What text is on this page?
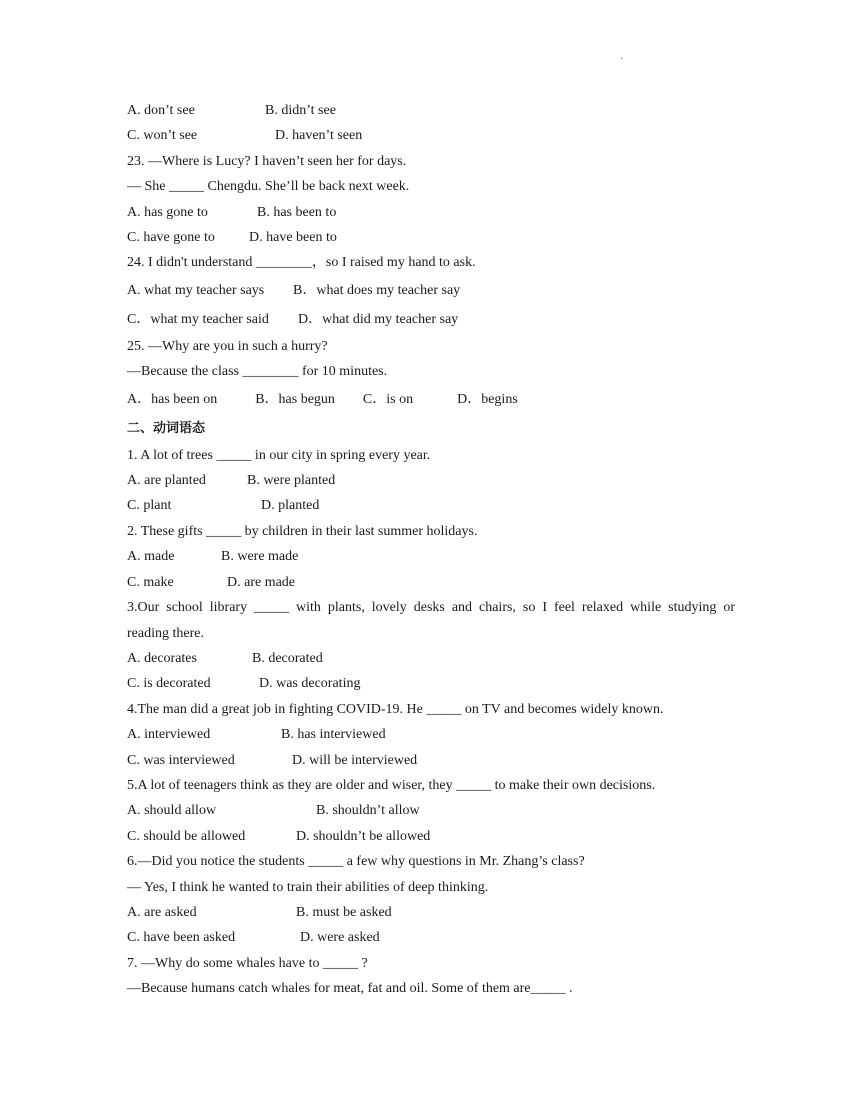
·
A. don’t see	B. didn’t see
C. won’t see	D. haven’t seen
23. —Where is Lucy? I haven’t seen her for days.
— She _____ Chengdu. She’ll be back next week.
A. has gone to	B. has been to
C. have gone to D. have been to
24. I didn't understand ________，so I raised my hand to ask.
A. what my teacher says B．what does my teacher say
C．what my teacher said D．what did my teacher say
25. —Why are you in such a hurry?
—Because the class ________ for 10 minutes.
A．has been on	B．has begun C．is on	D．begins
二、动词语态
1. A lot of trees _____ in our city in spring every year.
A. are planted	B. were planted
C. plant	D. planted
2. These gifts _____ by children in their last summer holidays.
A. made	B. were made
C. make	D. are made
3.Our school library _____ with plants, lovely desks and chairs, so I feel relaxed while studying or
reading there.
A. decorates	B. decorated
C. is decorated	D. was decorating
4.The man did a great job in fighting COVID-19. He _____ on TV and becomes widely known.
A. interviewed	B. has interviewed
C. was interviewed	D. will be interviewed
5.A lot of teenagers think as they are older and wiser, they _____ to make their own decisions.
A. should allow	B. shouldn’t allow
C. should be allowed	D. shouldn’t be allowed
6.—Did you notice the students _____ a few why questions in Mr. Zhang’s class?
— Yes, I think he wanted to train their abilities of deep thinking.
A. are asked	B. must be asked
C. have been asked	D. were asked
7. —Why do some whales have to _____ ?
—Because humans catch whales for meat, fat and oil. Some of them are_____ .
